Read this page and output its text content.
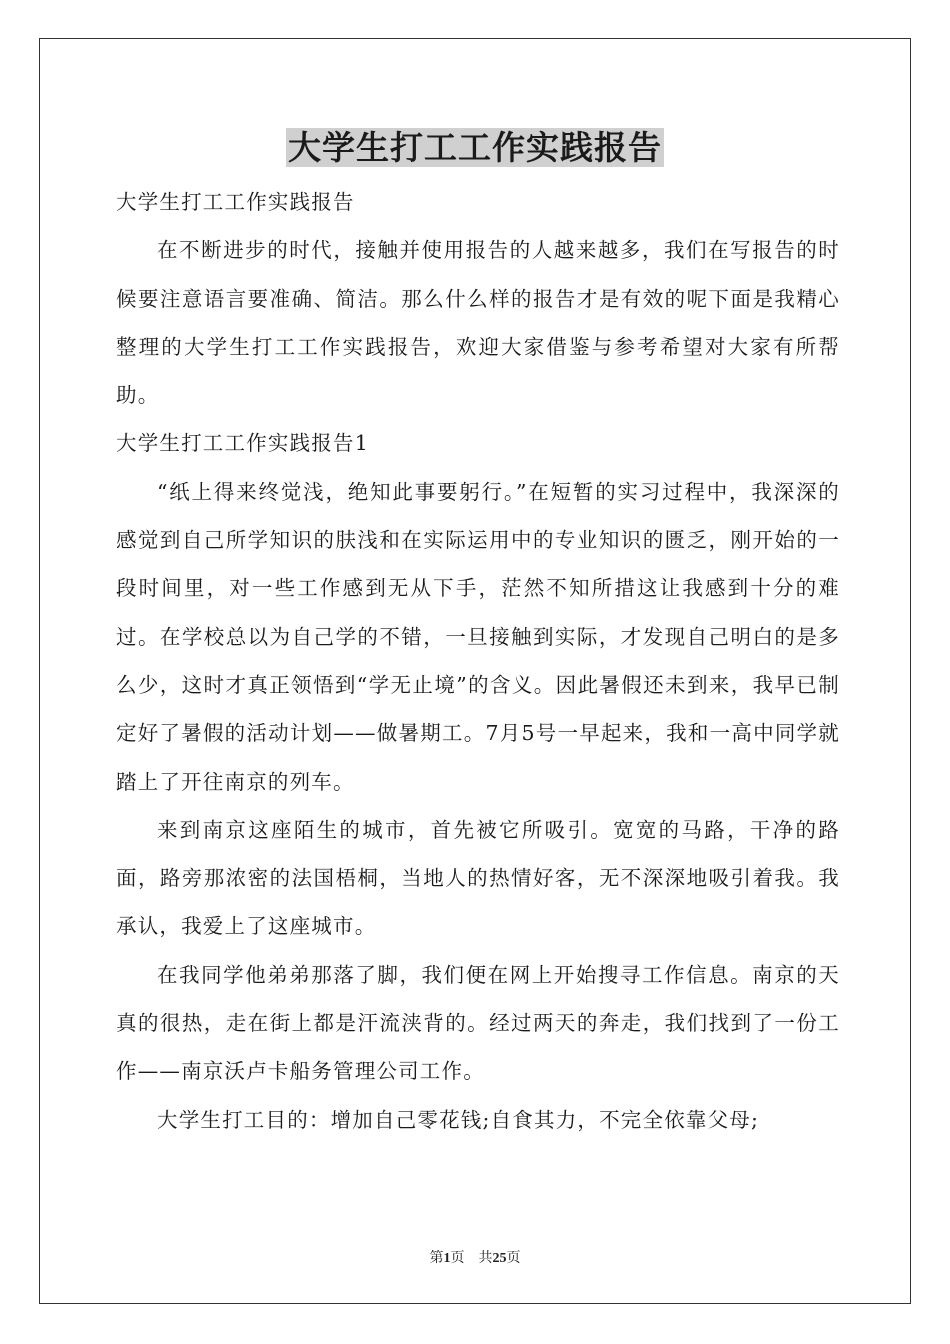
大学生打工工作实践报告

大学生打工工作实践报告

在不断进步的时代，接触并使用报告的人越来越多，我们在写报告的时候要注意语言要准确、简洁。那么什么样的报告才是有效的呢下面是我精心整理的大学生打工工作实践报告，欢迎大家借鉴与参考希望对大家有所帮助。

大学生打工工作实践报告1

“纸上得来终觉浅，绝知此事要躬行。”在短暂的实习过程中，我深深的感觉到自己所学知识的肤浅和在实际运用中的专业知识的匮乏，刚开始的一段时间里，对一些工作感到无从下手，茫然不知所措这让我感到十分的难过。在学校总以为自己学的不错，一旦接触到实际，才发现自己明白的是多么少，这时才真正领悟到“学无止境”的含义。因此暑假还未到来，我早已制定好了暑假的活动计划——做暑期工。7月5号一早起来，我和一高中同学就踏上了开往南京的列车。

来到南京这座陌生的城市，首先被它所吸引。宽宽的马路，干净的路面，路旁那浓密的法国梧桐，当地人的热情好客，无不深深地吸引着我。我承认，我爱上了这座城市。

在我同学他弟弟那落了脚，我们便在网上开始搜寻工作信息。南京的天真的很热，走在街上都是汗流浃背的。经过两天的奔走，我们找到了一份工作——南京沃卢卡船务管理公司工作。

大学生打工目的：增加自己零花钱;自食其力，不完全依靠父母;

第1页　共25页
